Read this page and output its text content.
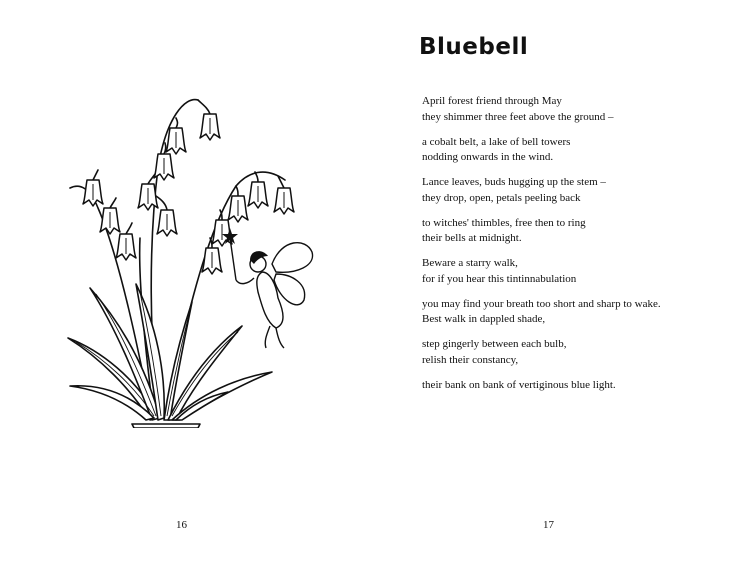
16
Bluebell

April forest friend through May
they shimmer three feet above the ground –

a cobalt belt, a lake of bell towers
nodding onwards in the wind.

Lance leaves, buds hugging up the stem –
they drop, open, petals peeling back

to witches' thimbles, free then to ring
their bells at midnight.

Beware a starry walk,
for if you hear this tintinnabulation

you may find your breath too short and sharp to wake.
Best walk in dappled shade,

step gingerly between each bulb,
relish their constancy,

their bank on bank of vertiginous blue light.

17
